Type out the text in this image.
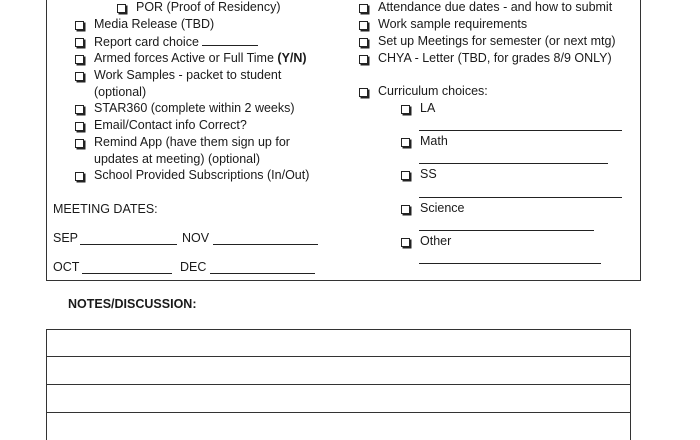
POR (Proof of Residency)
Media Release (TBD)
Report card choice
Armed forces Active or Full Time (Y/N)
Work Samples - packet to student
(optional)
STAR360 (complete within 2 weeks)
Email/Contact info Correct?
Remind App (have them sign up for
updates at meeting) (optional)
School Provided Subscriptions (In/Out)
MEETING DATES:
SEP	NOV
OCT	DEC
Attendance due dates - and how to submit
Work sample requirements
Set up Meetings for semester (or next mtg)
CHYA - Letter (TBD, for grades 8/9 ONLY)
Curriculum choices:
LA
Math
SS
Science
Other
NOTES/DISCUSSION:
